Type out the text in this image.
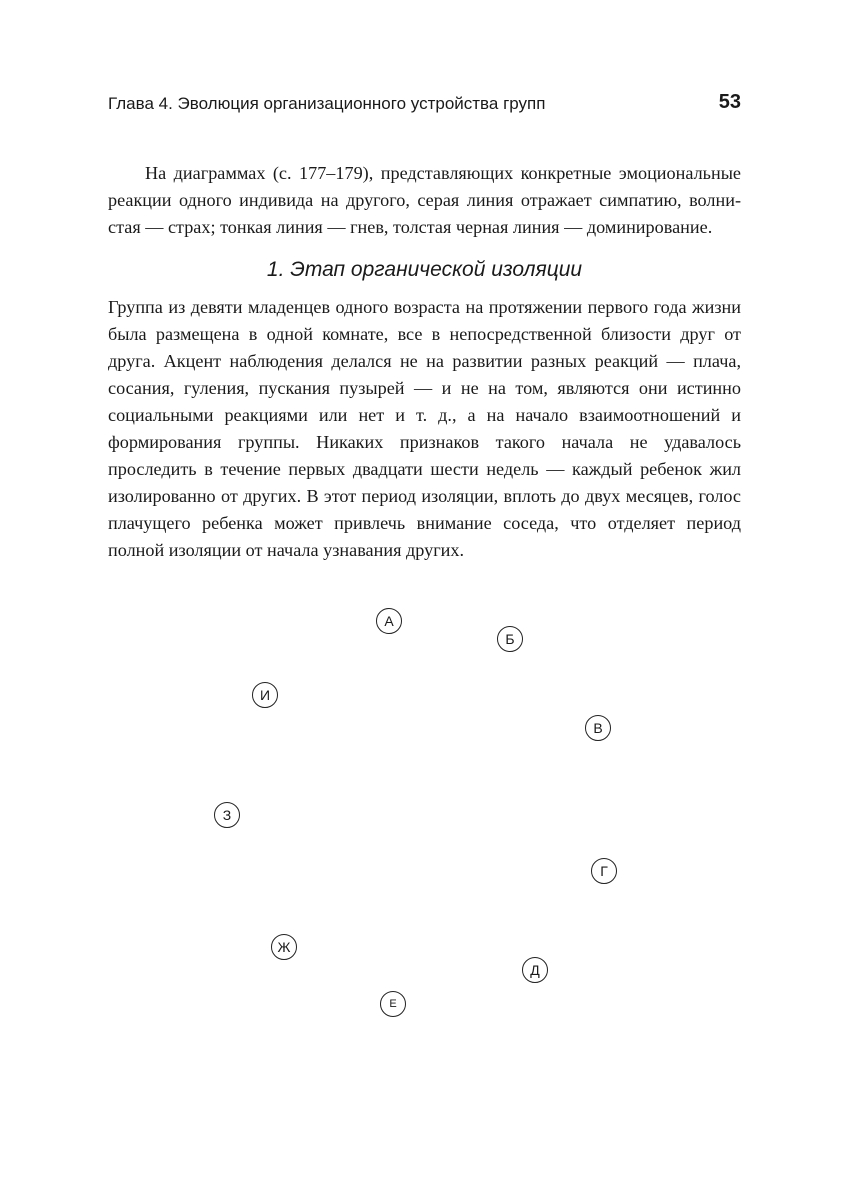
Глава 4. Эволюция организационного устройства групп	53

На диаграммах (с. 177–179), представляющих конкретные эмоциональные реакции одного индивида на другого, серая линия отражает симпатию, волнистая — страх; тонкая линия — гнев, толстая черная линия — доминирование.

1. Этап органической изоляции

Группа из девяти младенцев одного возраста на протяжении первого года жизни была размещена в одной комнате, все в непосредственной близости друг от друга. Акцент наблюдения делался не на развитии разных реакций — плача, сосания, гуления, пускания пузырей — и не на том, являются они истинно социальными реакциями или нет и т. д., а на начало взаимоотношений и формирования группы. Никаких признаков такого начала не удавалось проследить в течение первых двадцати шести недель — каждый ребенок жил изолированно от других. В этот период изоляции, вплоть до двух месяцев, голос плачущего ребенка может привлечь внимание соседа, что отделяет период полной изоляции от начала узнавания других.

А
Б
И
В
З
Г
Ж
Д
Е
